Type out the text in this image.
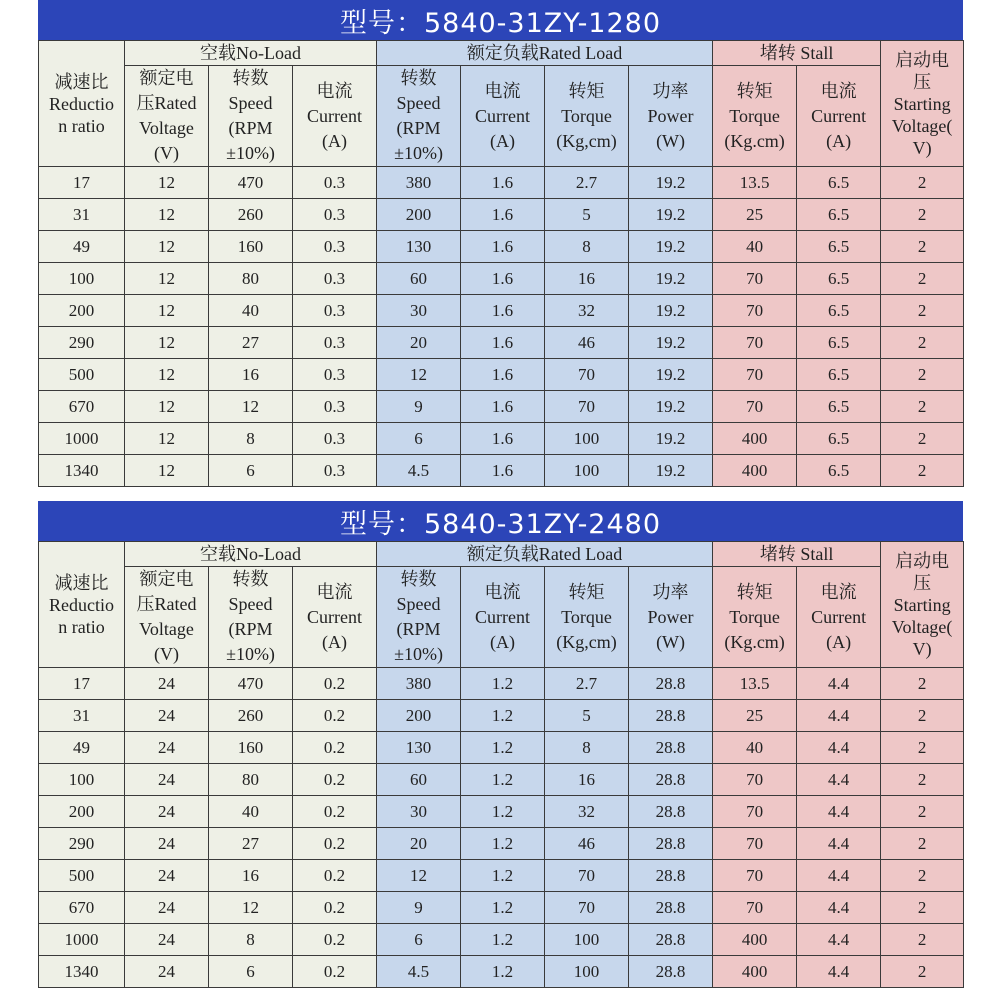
型号：5840-31ZY-1280
减速比
Reductio
n ratio	空载No-Load			额定负载Rated Load				堵转 Stall		启动电
压
Starting
Voltage(
V)
	额定电
压Rated
Voltage
(V)	转数
Speed
(RPM
±10%)	电流
Current
(A)	转数
Speed
(RPM
±10%)	电流
Current
(A)	转矩
Torque
(Kg,cm)	功率
Power
(W)	转矩
Torque
(Kg.cm)	电流
Current
(A)	
17	12	470	0.3	380	1.6	2.7	19.2	13.5	6.5	2
31	12	260	0.3	200	1.6	5	19.2	25	6.5	2
49	12	160	0.3	130	1.6	8	19.2	40	6.5	2
100	12	80	0.3	60	1.6	16	19.2	70	6.5	2
200	12	40	0.3	30	1.6	32	19.2	70	6.5	2
290	12	27	0.3	20	1.6	46	19.2	70	6.5	2
500	12	16	0.3	12	1.6	70	19.2	70	6.5	2
670	12	12	0.3	9	1.6	70	19.2	70	6.5	2
1000	12	8	0.3	6	1.6	100	19.2	400	6.5	2
1340	12	6	0.3	4.5	1.6	100	19.2	400	6.5	2
型号：5840-31ZY-2480
减速比
Reductio
n ratio	空载No-Load			额定负载Rated Load				堵转 Stall		启动电
压
Starting
Voltage(
V)
	额定电
压Rated
Voltage
(V)	转数
Speed
(RPM
±10%)	电流
Current
(A)	转数
Speed
(RPM
±10%)	电流
Current
(A)	转矩
Torque
(Kg,cm)	功率
Power
(W)	转矩
Torque
(Kg.cm)	电流
Current
(A)	
17	24	470	0.2	380	1.2	2.7	28.8	13.5	4.4	2
31	24	260	0.2	200	1.2	5	28.8	25	4.4	2
49	24	160	0.2	130	1.2	8	28.8	40	4.4	2
100	24	80	0.2	60	1.2	16	28.8	70	4.4	2
200	24	40	0.2	30	1.2	32	28.8	70	4.4	2
290	24	27	0.2	20	1.2	46	28.8	70	4.4	2
500	24	16	0.2	12	1.2	70	28.8	70	4.4	2
670	24	12	0.2	9	1.2	70	28.8	70	4.4	2
1000	24	8	0.2	6	1.2	100	28.8	400	4.4	2
1340	24	6	0.2	4.5	1.2	100	28.8	400	4.4	2
